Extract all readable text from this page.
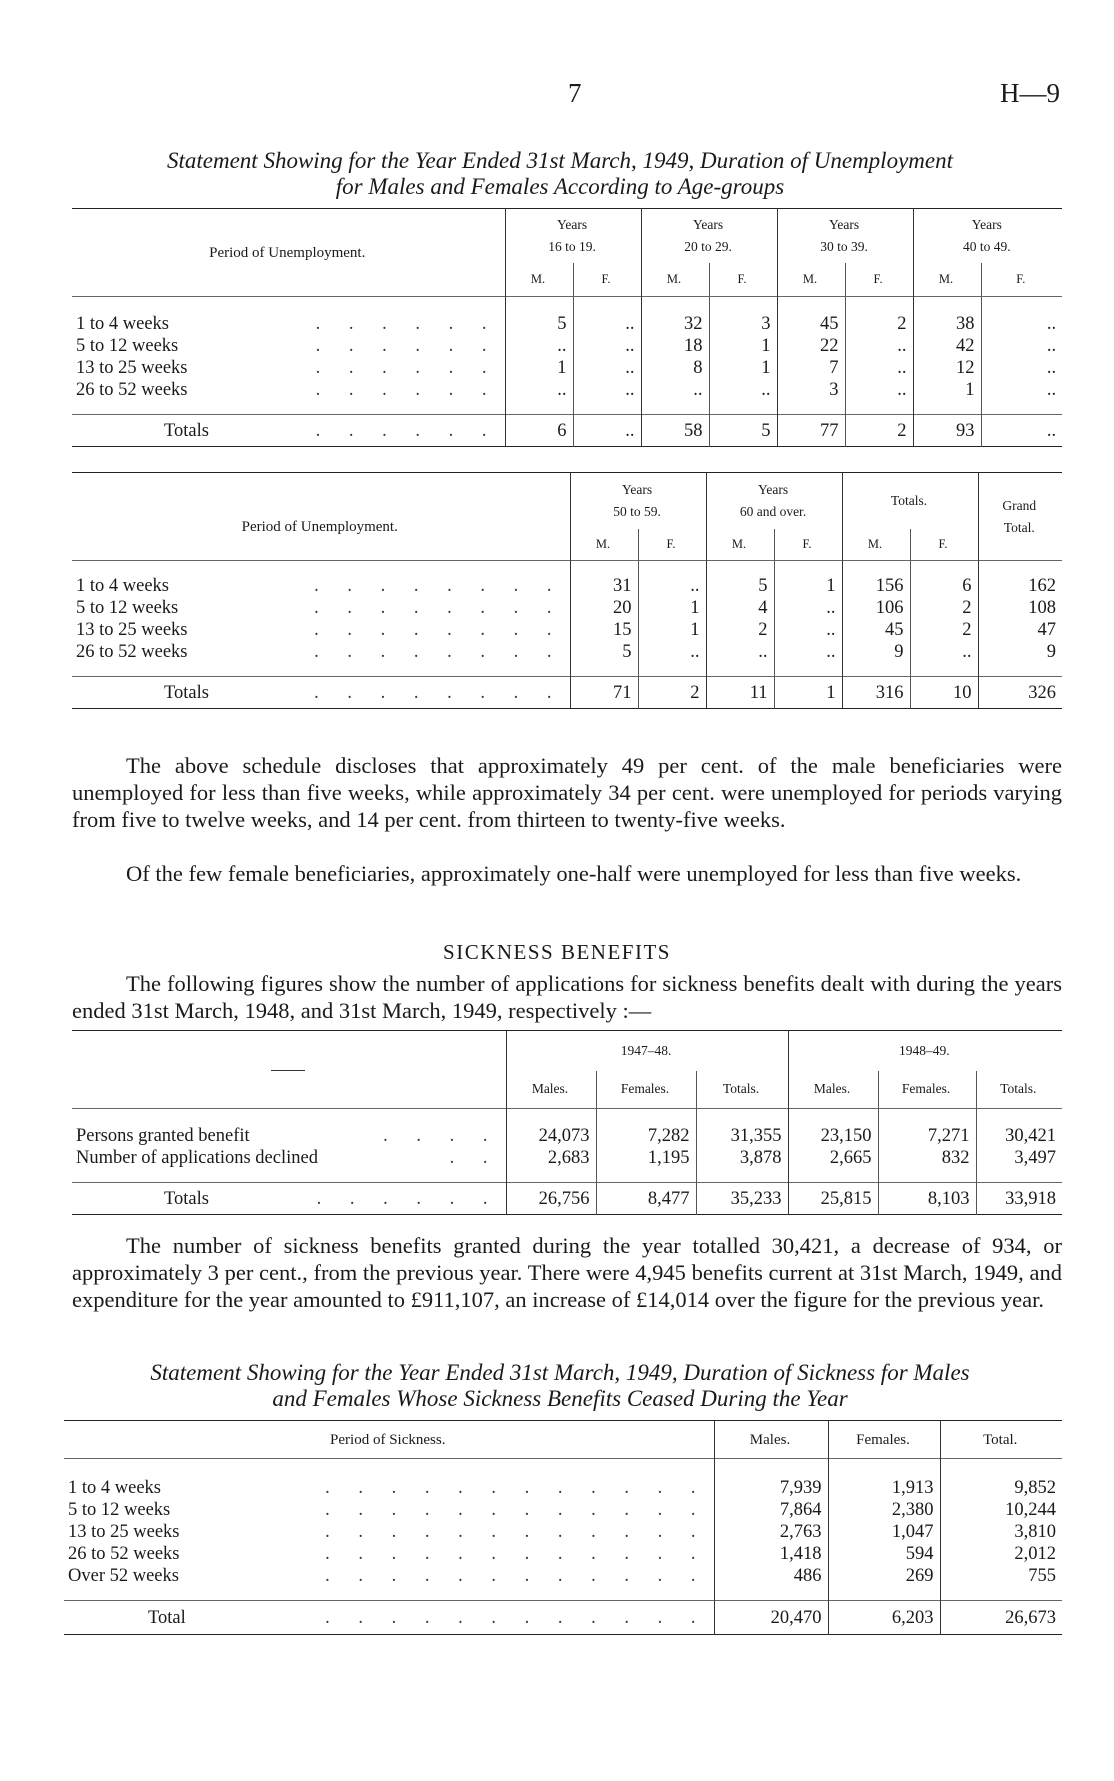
7	H—9
Statement Showing for the Year Ended 31st March, 1949, Duration of Unemployment
for Males and Females According to Age-groups
Period of Unemployment.	Years
16 to 19.		Years
20 to 29.		Years
30 to 39.		Years
40 to 49.	
	M.	F.	M.	F.	M.	F.	M.	F.

1 to 4 weeks . . . . . .	5	..	32	3	45	2	38	..

5 to 12 weeks . . . . . .	..	..	18	1	22	..	42	..

13 to 25 weeks . . . . . .	1	..	8	1	7	..	12	..

26 to 52 weeks . . . . . .	..	..	..	..	3	..	1	..

Totals . . . . . .	6	..	58	5	77	2	93	..
Period of Unemployment.	Years
50 to 59.		Years
60 and over.		Totals.		Grand
Total.
	M.	F.	M.	F.	M.	F.	

1 to 4 weeks . . . . . . . .	31	..	5	1	156	6	162

5 to 12 weeks . . . . . . . .	20	1	4	..	106	2	108

13 to 25 weeks . . . . . . . .	15	1	2	..	45	2	47

26 to 52 weeks . . . . . . . .	5	..	..	..	9	..	9

Totals . . . . . . . .	71	2	11	1	316	10	326
The above schedule discloses that approximately 49 per cent. of the male beneficiaries were unemployed for less than five weeks, while approximately 34 per cent. were unemployed for periods varying from five to twelve weeks, and 14 per cent. from thirteen to twenty-five weeks.
Of the few female beneficiaries, approximately one-half were unemployed for less than five weeks.
SICKNESS BENEFITS
The following figures show the number of applications for sickness benefits dealt with during the years ended 31st March, 1948, and 31st March, 1949, respectively :—
	1947–48.			1948–49.		
	Males.	Females.	Totals.	Males.	Females.	Totals.

Persons granted benefit . . . .	24,073	7,282	31,355	23,150	7,271	30,421

Number of applications declined . .	2,683	1,195	3,878	2,665	832	3,497

Totals . . . . . .	26,756	8,477	35,233	25,815	8,103	33,918
The number of sickness benefits granted during the year totalled 30,421, a decrease of 934, or approximately 3 per cent., from the previous year. There were 4,945 benefits current at 31st March, 1949, and expenditure for the year amounted to £911,107, an increase of £14,014 over the figure for the previous year.
Statement Showing for the Year Ended 31st March, 1949, Duration of Sickness for Males
and Females Whose Sickness Benefits Ceased During the Year
Period of Sickness.	Males.	Females.	Total.

1 to 4 weeks . . . . . . . . . . . .	7,939	1,913	9,852

5 to 12 weeks . . . . . . . . . . . .	7,864	2,380	10,244

13 to 25 weeks . . . . . . . . . . . .	2,763	1,047	3,810

26 to 52 weeks . . . . . . . . . . . .	1,418	594	2,012

Over 52 weeks . . . . . . . . . . . .	486	269	755

Total . . . . . . . . . . . .	20,470	6,203	26,673
